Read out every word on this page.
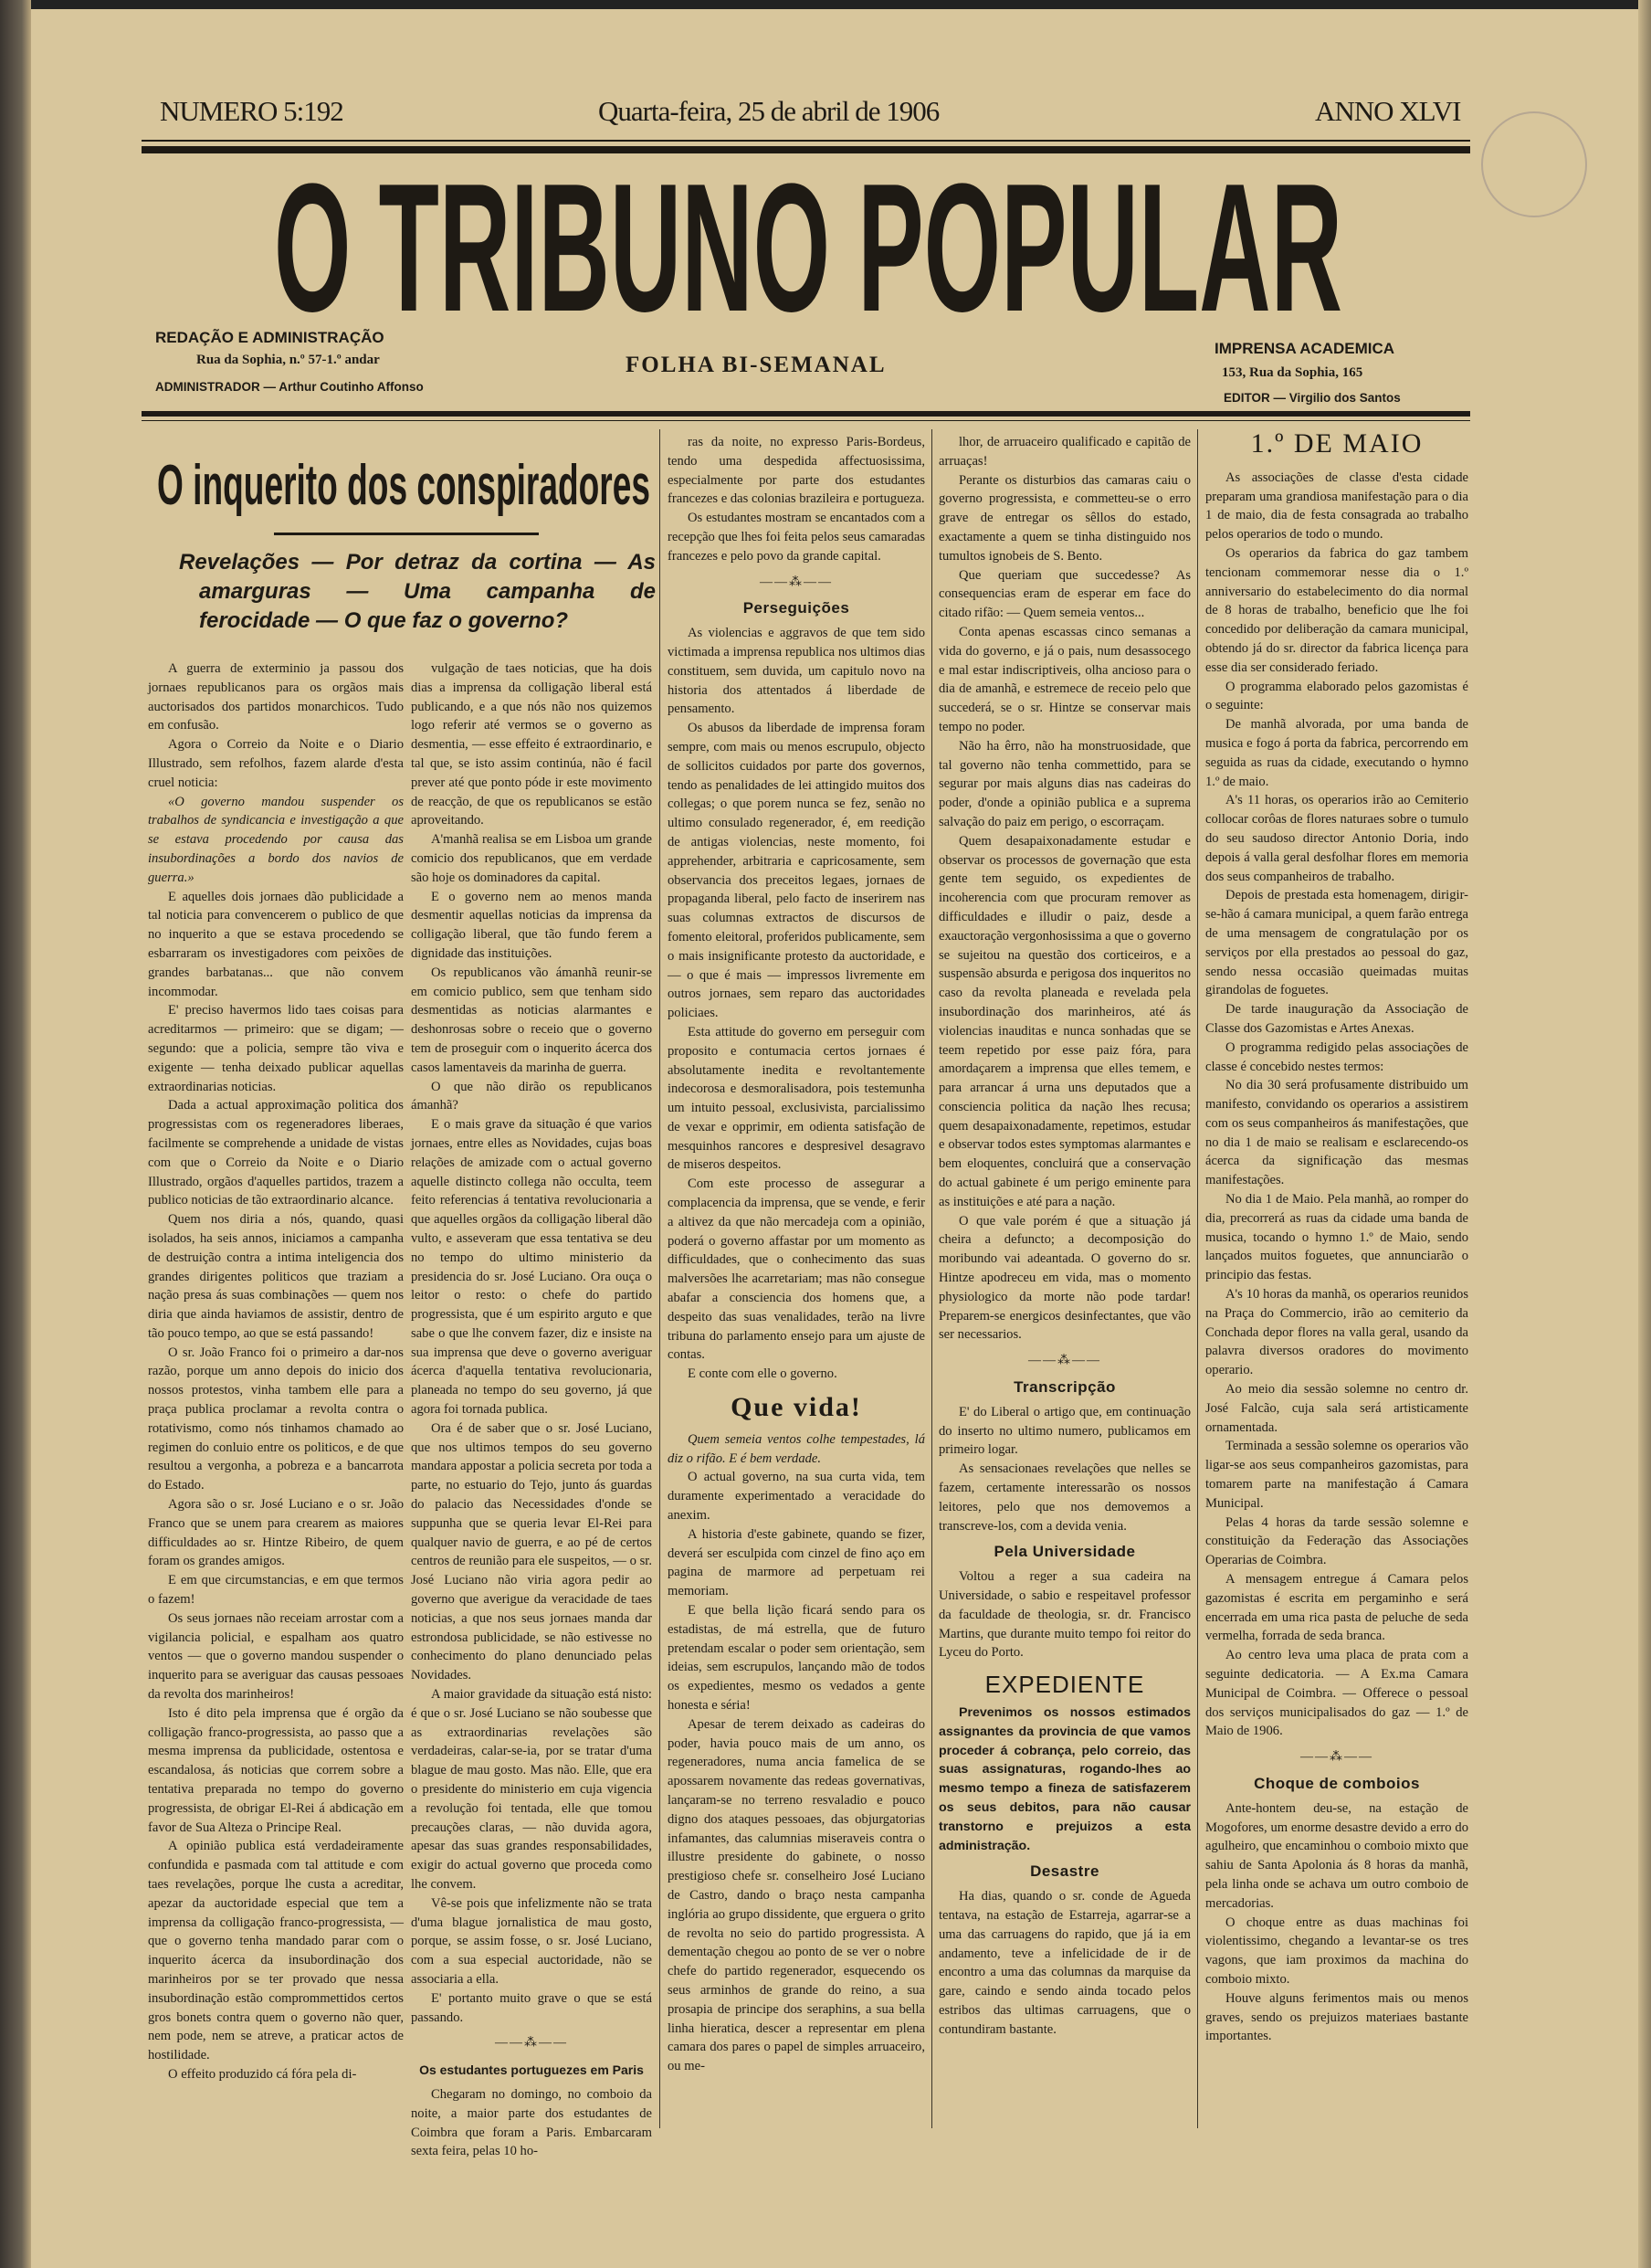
NUMERO 5:192	Quarta-feira, 25 de abril de 1906	ANNO XLVI
O TRIBUNO POPULAR
REDAÇÃO E ADMINISTRAÇÃO
Rua da Sophia, n.º 57-1.º andar
ADMINISTRADOR — Arthur Coutinho Affonso
FOLHA BI-SEMANAL
IMPRENSA ACADEMICA
153, Rua da Sophia, 165
EDITOR — Virgilio dos Santos
O inquerito dos conspiradores
Revelações — Por detraz da cortina — As amarguras — Uma campanha de ferocidade — O que faz o governo?

A guerra de exterminio ja passou dos jornaes republicanos para os orgãos mais auctorisados dos partidos monarchicos. Tudo em confusão.

Agora o Correio da Noite e o Diario Illustrado, sem refolhos, fazem alarde d'esta cruel noticia:

«O governo mandou suspender os trabalhos de syndicancia e investigação a que se estava procedendo por causa das insubordinações a bordo dos navios de guerra.»

E aquelles dois jornaes dão publicidade a tal noticia para convencerem o publico de que no inquerito a que se estava procedendo se esbarraram os investigadores com peixões de grandes barbatanas... que não convem incommodar.

E' preciso havermos lido taes coisas para acreditarmos — primeiro: que se digam; — segundo: que a policia, sempre tão viva e exigente — tenha deixado publicar aquellas extraordinarias noticias.

Dada a actual approximação politica dos progressistas com os regeneradores liberaes, facilmente se comprehende a unidade de vistas com que o Correio da Noite e o Diario Illustrado, orgãos d'aquelles partidos, trazem a publico noticias de tão extraordinario alcance.

Quem nos diria a nós, quando, quasi isolados, ha seis annos, iniciamos a campanha de destruição contra a intima inteligencia dos grandes dirigentes politicos que traziam a nação presa ás suas combinações — quem nos diria que ainda haviamos de assistir, dentro de tão pouco tempo, ao que se está passando!

O sr. João Franco foi o primeiro a dar-nos razão, porque um anno depois do inicio dos nossos protestos, vinha tambem elle para a praça publica proclamar a revolta contra o rotativismo, como nós tinhamos chamado ao regimen do conluio entre os politicos, e de que resultou a vergonha, a pobreza e a bancarrota do Estado.

Agora são o sr. José Luciano e o sr. João Franco que se unem para crearem as maiores difficuldades ao sr. Hintze Ribeiro, de quem foram os grandes amigos.

E em que circumstancias, e em que termos o fazem!

Os seus jornaes não receiam arrostar com a vigilancia policial, e espalham aos quatro ventos — que o governo mandou suspender o inquerito para se averiguar das causas pessoaes da revolta dos marinheiros!

Isto é dito pela imprensa que é orgão da colligação franco-progressista, ao passo que a mesma imprensa da publicidade, ostentosa e escandalosa, ás noticias que correm sobre a tentativa preparada no tempo do governo progressista, de obrigar El-Rei á abdicação em favor de Sua Alteza o Principe Real.

A opinião publica está verdadeiramente confundida e pasmada com tal attitude e com taes revelações, porque lhe custa a acreditar, apezar da auctoridade especial que tem a imprensa da colligação franco-progressista, — que o governo tenha mandado parar com o inquerito ácerca da insubordinação dos marinheiros por se ter provado que nessa insubordinação estão comprommettidos certos gros bonets contra quem o governo não quer, nem pode, nem se atreve, a praticar actos de hostilidade.

O effeito produzido cá fóra pela di-

vulgação de taes noticias, que ha dois dias a imprensa da colligação liberal está publicando, e a que nós não nos quizemos logo referir até vermos se o governo as desmentia, — esse effeito é extraordinario, e tal que, se isto assim continúa, não é facil prever até que ponto póde ir este movimento de reacção, de que os republicanos se estão aproveitando.

A'manhã realisa se em Lisboa um grande comicio dos republicanos, que em verdade são hoje os dominadores da capital.

E o governo nem ao menos manda desmentir aquellas noticias da imprensa da colligação liberal, que tão fundo ferem a dignidade das instituições.

Os republicanos vão ámanhã reunir-se em comicio publico, sem que tenham sido desmentidas as noticias alarmantes e deshonrosas sobre o receio que o governo tem de proseguir com o inquerito ácerca dos casos lamentaveis da marinha de guerra.

O que não dirão os republicanos ámanhã?

E o mais grave da situação é que varios jornaes, entre elles as Novidades, cujas boas relações de amizade com o actual governo aquelle distincto collega não occulta, teem feito referencias á tentativa revolucionaria a que aquelles orgãos da colligação liberal dão vulto, e asseveram que essa tentativa se deu no tempo do ultimo ministerio da presidencia do sr. José Luciano. Ora ouça o leitor o resto: o chefe do partido progressista, que é um espirito arguto e que sabe o que lhe convem fazer, diz e insiste na sua imprensa que deve o governo averiguar ácerca d'aquella tentativa revolucionaria, planeada no tempo do seu governo, já que agora foi tornada publica.

Ora é de saber que o sr. José Luciano, que nos ultimos tempos do seu governo mandara appostar a policia secreta por toda a parte, no estuario do Tejo, junto ás guardas do palacio das Necessidades d'onde se suppunha que se queria levar El-Rei para qualquer navio de guerra, e ao pé de certos centros de reunião para ele suspeitos, — o sr. José Luciano não viria agora pedir ao governo que averigue da veracidade de taes noticias, a que nos seus jornaes manda dar estrondosa publicidade, se não estivesse no conhecimento do plano denunciado pelas Novidades.

A maior gravidade da situação está nisto: é que o sr. José Luciano se não soubesse que as extraordinarias revelações são verdadeiras, calar-se-ia, por se tratar d'uma blague de mau gosto. Mas não. Elle, que era o presidente do ministerio em cuja vigencia a revolução foi tentada, elle que tomou precauções claras, — não duvida agora, apesar das suas grandes responsabilidades, exigir do actual governo que proceda como lhe convem.

Vê-se pois que infelizmente não se trata d'uma blague jornalistica de mau gosto, porque, se assim fosse, o sr. José Luciano, com a sua especial auctoridade, não se associaria a ella.

E' portanto muito grave o que se está passando.

——⁂——
Os estudantes portuguezes em Paris

Chegaram no domingo, no comboio da noite, a maior parte dos estudantes de Coimbra que foram a Paris. Embarcaram sexta feira, pelas 10 ho-

ras da noite, no expresso Paris-Bordeus, tendo uma despedida affectuosissima, especialmente por parte dos estudantes francezes e das colonias brazileira e portugueza.

Os estudantes mostram se encantados com a recepção que lhes foi feita pelos seus camaradas francezes e pelo povo da grande capital.

——⁂——
Perseguições

As violencias e aggravos de que tem sido victimada a imprensa republica nos ultimos dias constituem, sem duvida, um capitulo novo na historia dos attentados á liberdade de pensamento.

Os abusos da liberdade de imprensa foram sempre, com mais ou menos escrupulo, objecto de sollicitos cuidados por parte dos governos, tendo as penalidades de lei attingido muitos dos collegas; o que porem nunca se fez, senão no ultimo consulado regenerador, é, em reedição de antigas violencias, neste momento, foi apprehender, arbitraria e capricosamente, sem observancia dos preceitos legaes, jornaes de propaganda liberal, pelo facto de inserirem nas suas columnas extractos de discursos de fomento eleitoral, proferidos publicamente, sem o mais insignificante protesto da auctoridade, e — o que é mais — impressos livremente em outros jornaes, sem reparo das auctoridades policiaes.

Esta attitude do governo em perseguir com proposito e contumacia certos jornaes é absolutamente inedita e revoltantemente indecorosa e desmoralisadora, pois testemunha um intuito pessoal, exclusivista, parcialissimo de vexar e opprimir, em odienta satisfação de mesquinhos rancores e despresivel desagravo de miseros despeitos.

Com este processo de assegurar a complacencia da imprensa, que se vende, e ferir a altivez da que não mercadeja com a opinião, poderá o governo affastar por um momento as difficuldades, que o conhecimento das suas malversões lhe acarretariam; mas não consegue abafar a consciencia dos homens que, a despeito das suas venalidades, terão na livre tribuna do parlamento ensejo para um ajuste de contas.

E conte com elle o governo.

Que vida!

Quem semeia ventos colhe tempestades, lá diz o rifão. E é bem verdade.

O actual governo, na sua curta vida, tem duramente experimentado a veracidade do anexim.

A historia d'este gabinete, quando se fizer, deverá ser esculpida com cinzel de fino aço em pagina de marmore ad perpetuam rei memoriam.

E que bella lição ficará sendo para os estadistas, de má estrella, que de futuro pretendam escalar o poder sem orientação, sem ideias, sem escrupulos, lançando mão de todos os expedientes, mesmo os vedados a gente honesta e séria!

Apesar de terem deixado as cadeiras do poder, havia pouco mais de um anno, os regeneradores, numa ancia famelica de se apossarem novamente das redeas governativas, lançaram-se no terreno resvaladio e pouco digno dos ataques pessoaes, das objurgatorias infamantes, das calumnias miseraveis contra o illustre presidente do gabinete, o nosso prestigioso chefe sr. conselheiro José Luciano de Castro, dando o braço nesta campanha inglória ao grupo dissidente, que erguera o grito de revolta no seio do partido progressista. A dementação chegou ao ponto de se ver o nobre chefe do partido regenerador, esquecendo os seus arminhos de grande do reino, a sua prosapia de principe dos seraphins, a sua bella linha hieratica, descer a representar em plena camara dos pares o papel de simples arruaceiro, ou me-

lhor, de arruaceiro qualificado e capitão de arruaças!

Perante os disturbios das camaras caiu o governo progressista, e commetteu-se o erro grave de entregar os sêllos do estado, exactamente a quem se tinha distinguido nos tumultos ignobeis de S. Bento.

Que queriam que succedesse? As consequencias eram de esperar em face do citado rifão: — Quem semeia ventos...

Conta apenas escassas cinco semanas a vida do governo, e já o pais, num desassocego e mal estar indiscriptiveis, olha ancioso para o dia de amanhã, e estremece de receio pelo que succederá, se o sr. Hintze se conservar mais tempo no poder.

Não ha êrro, não ha monstruosidade, que tal governo não tenha commettido, para se segurar por mais alguns dias nas cadeiras do poder, d'onde a opinião publica e a suprema salvação do paiz em perigo, o escorraçam.

Quem desapaixonadamente estudar e observar os processos de governação que esta gente tem seguido, os expedientes de incoherencia com que procuram remover as difficuldades e illudir o paiz, desde a exauctoração vergonhosissima a que o governo se sujeitou na questão dos corticeiros, e a suspensão absurda e perigosa dos inqueritos no caso da revolta planeada e revelada pela insubordinação dos marinheiros, até ás violencias inauditas e nunca sonhadas que se teem repetido por esse paiz fóra, para amordaçarem a imprensa que elles temem, e para arrancar á urna uns deputados que a consciencia politica da nação lhes recusa; quem desapaixonadamente, repetimos, estudar e observar todos estes symptomas alarmantes e bem eloquentes, concluirá que a conservação do actual gabinete é um perigo eminente para as instituições e até para a nação.

O que vale porém é que a situação já cheira a defuncto; a decomposição do moribundo vai adeantada. O governo do sr. Hintze apodreceu em vida, mas o momento physiologico da morte não pode tardar! Preparem-se energicos desinfectantes, que vão ser necessarios.

——⁂——
Transcripção

E' do Liberal o artigo que, em continuação do inserto no ultimo numero, publicamos em primeiro logar.

As sensacionaes revelações que nelles se fazem, certamente interessarão os nossos leitores, pelo que nos demovemos a transcreve-los, com a devida venia.

Pela Universidade

Voltou a reger a sua cadeira na Universidade, o sabio e respeitavel professor da faculdade de theologia, sr. dr. Francisco Martins, que durante muito tempo foi reitor do Lyceu do Porto.

EXPEDIENTE

Prevenimos os nossos estimados assignantes da provincia de que vamos proceder á cobrança, pelo correio, das suas assignaturas, rogando-lhes ao mesmo tempo a fineza de satisfazerem os seus debitos, para não causar transtorno e prejuizos a esta administração.

Desastre

Ha dias, quando o sr. conde de Agueda tentava, na estação de Estarreja, agarrar-se a uma das carruagens do rapido, que já ia em andamento, teve a infelicidade de ir de encontro a uma das columnas da marquise da gare, caindo e sendo ainda tocado pelos estribos das ultimas carruagens, que o contundiram bastante.

1.º DE MAIO

As associações de classe d'esta cidade preparam uma grandiosa manifestação para o dia 1 de maio, dia de festa consagrada ao trabalho pelos operarios de todo o mundo.

Os operarios da fabrica do gaz tambem tencionam commemorar nesse dia o 1.º anniversario do estabelecimento do dia normal de 8 horas de trabalho, beneficio que lhe foi concedido por deliberação da camara municipal, obtendo já do sr. director da fabrica licença para esse dia ser considerado feriado.

O programma elaborado pelos gazomistas é o seguinte:

De manhã alvorada, por uma banda de musica e fogo á porta da fabrica, percorrendo em seguida as ruas da cidade, executando o hymno 1.º de maio.

A's 11 horas, os operarios irão ao Cemiterio collocar corôas de flores naturaes sobre o tumulo do seu saudoso director Antonio Doria, indo depois á valla geral desfolhar flores em memoria dos seus companheiros de trabalho.

Depois de prestada esta homenagem, dirigir-se-hão á camara municipal, a quem farão entrega de uma mensagem de congratulação por os serviços por ella prestados ao pessoal do gaz, sendo nessa occasião queimadas muitas girandolas de foguetes.

De tarde inauguração da Associação de Classe dos Gazomistas e Artes Anexas.

O programma redigido pelas associações de classe é concebido nestes termos:

No dia 30 será profusamente distribuido um manifesto, convidando os operarios a assistirem com os seus companheiros ás manifestações, que no dia 1 de maio se realisam e esclarecendo-os ácerca da significação das mesmas manifestações.

No dia 1 de Maio. Pela manhã, ao romper do dia, precorrerá as ruas da cidade uma banda de musica, tocando o hymno 1.º de Maio, sendo lançados muitos foguetes, que annunciarão o principio das festas.

A's 10 horas da manhã, os operarios reunidos na Praça do Commercio, irão ao cemiterio da Conchada depor flores na valla geral, usando da palavra diversos oradores do movimento operario.

Ao meio dia sessão solemne no centro dr. José Falcão, cuja sala será artisticamente ornamentada.

Terminada a sessão solemne os operarios vão ligar-se aos seus companheiros gazomistas, para tomarem parte na manifestação á Camara Municipal.

Pelas 4 horas da tarde sessão solemne e constituição da Federação das Associações Operarias de Coimbra.

A mensagem entregue á Camara pelos gazomistas é escrita em pergaminho e será encerrada em uma rica pasta de peluche de seda vermelha, forrada de seda branca.

Ao centro leva uma placa de prata com a seguinte dedicatoria. — A Ex.ma Camara Municipal de Coimbra. — Offerece o pessoal dos serviços municipalisados do gaz — 1.º de Maio de 1906.

——⁂——
Choque de comboios

Ante-hontem deu-se, na estação de Mogofores, um enorme desastre devido a erro do agulheiro, que encaminhou o comboio mixto que sahiu de Santa Apolonia ás 8 horas da manhã, pela linha onde se achava um outro comboio de mercadorias.

O choque entre as duas machinas foi violentissimo, chegando a levantar-se os tres vagons, que iam proximos da machina do comboio mixto.

Houve alguns ferimentos mais ou menos graves, sendo os prejuizos materiaes bastante importantes.
